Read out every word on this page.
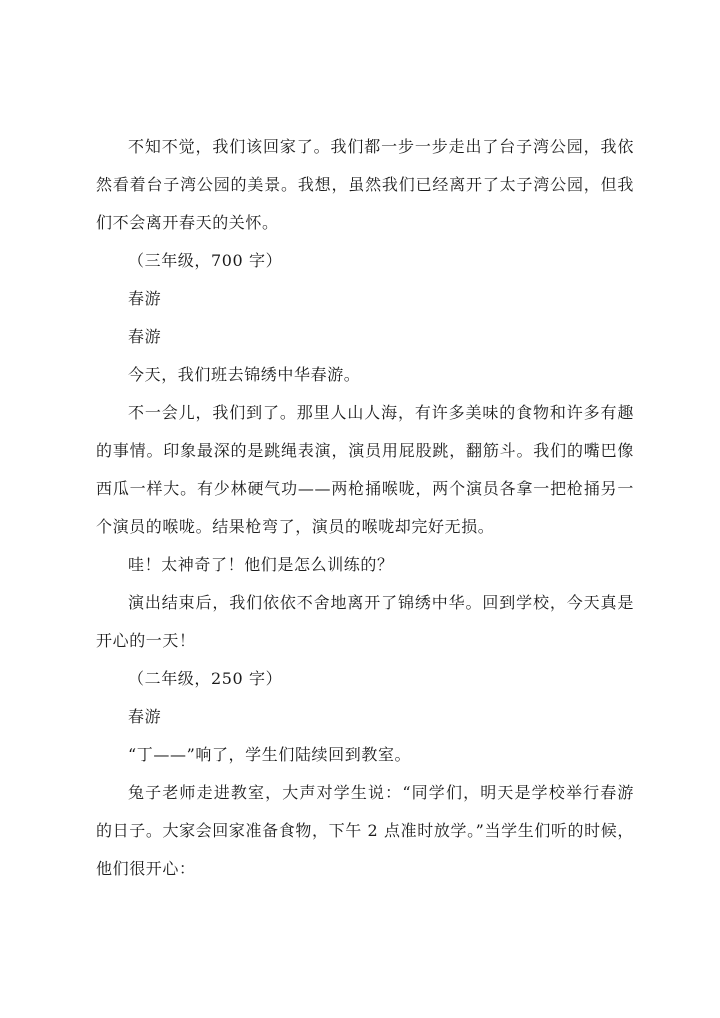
不知不觉，我们该回家了。我们都一步一步走出了台子湾公园，我依然看着台子湾公园的美景。我想，虽然我们已经离开了太子湾公园，但我们不会离开春天的关怀。

（三年级，700 字）

春游

春游

今天，我们班去锦绣中华春游。

不一会儿，我们到了。那里人山人海，有许多美味的食物和许多有趣的事情。印象最深的是跳绳表演，演员用屁股跳，翻筋斗。我们的嘴巴像西瓜一样大。有少林硬气功——两枪捅喉咙，两个演员各拿一把枪捅另一个演员的喉咙。结果枪弯了，演员的喉咙却完好无损。

哇！太神奇了！他们是怎么训练的？

演出结束后，我们依依不舍地离开了锦绣中华。回到学校，今天真是开心的一天！

（二年级，250 字）

春游

“丁——”响了，学生们陆续回到教室。

兔子老师走进教室，大声对学生说：“同学们，明天是学校举行春游的日子。大家会回家准备食物，下午 2 点准时放学。”当学生们听的时候，他们很开心：
